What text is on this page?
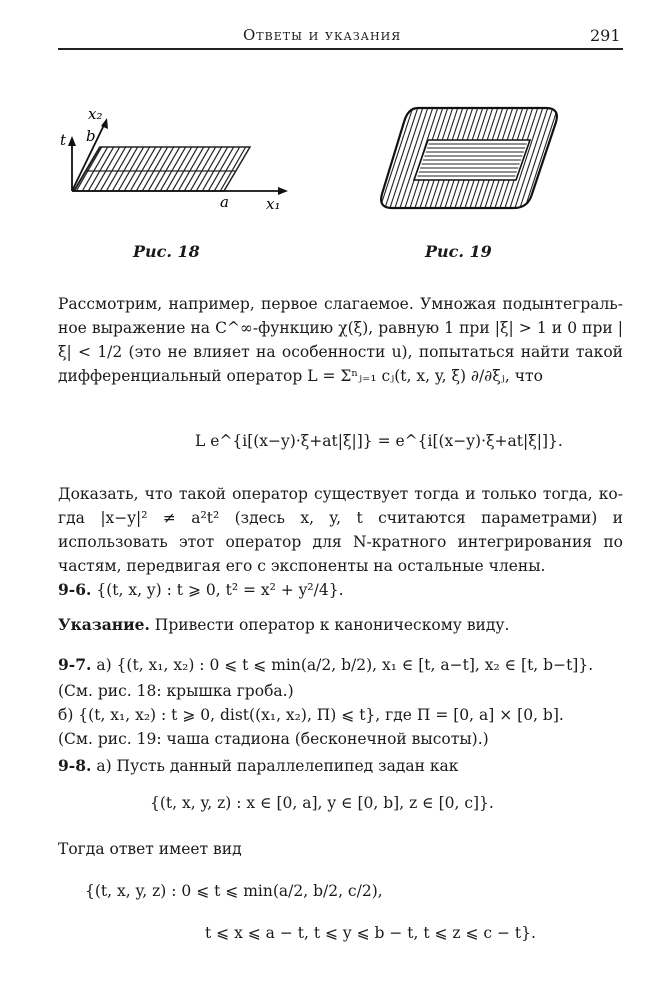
Ответы и указания	291
x₂
t b
a x₁
Рис. 18	Рис. 19
Рассмотрим, например, первое слагаемое. Умножая подынтегральное выражение на C^∞-функцию χ(ξ), равную 1 при |ξ| > 1 и 0 при |ξ| < 1/2 (это не влияет на особенности u), попытаться найти такой дифференциальный оператор L = Σⁿⱼ₌₁ cⱼ(t, x, y, ξ) ∂/∂ξⱼ, что
L e^{i[(x−y)·ξ+at|ξ|]} = e^{i[(x−y)·ξ+at|ξ|]}.
Доказать, что такой оператор существует тогда и только тогда, когда |x−y|² ≠ a²t² (здесь x, y, t считаются параметрами) и использовать этот оператор для N-кратного интегрирования по частям, передвигая его с экспоненты на остальные члены.
9-6. {(t, x, y) : t ⩾ 0, t² = x² + y²/4}.
Указание. Привести оператор к каноническому виду.
9-7. а) {(t, x₁, x₂) : 0 ⩽ t ⩽ min(a/2, b/2), x₁ ∈ [t, a−t], x₂ ∈ [t, b−t]}.
(См. рис. 18: крышка гроба.)
б) {(t, x₁, x₂) : t ⩾ 0, dist((x₁, x₂), Π) ⩽ t}, где Π = [0, a] × [0, b].
(См. рис. 19: чаша стадиона (бесконечной высоты).)
9-8. а) Пусть данный параллелепипед задан как
{(t, x, y, z) : x ∈ [0, a], y ∈ [0, b], z ∈ [0, c]}.
Тогда ответ имеет вид
{(t, x, y, z) : 0 ⩽ t ⩽ min(a/2, b/2, c/2),
t ⩽ x ⩽ a − t, t ⩽ y ⩽ b − t, t ⩽ z ⩽ c − t}.
